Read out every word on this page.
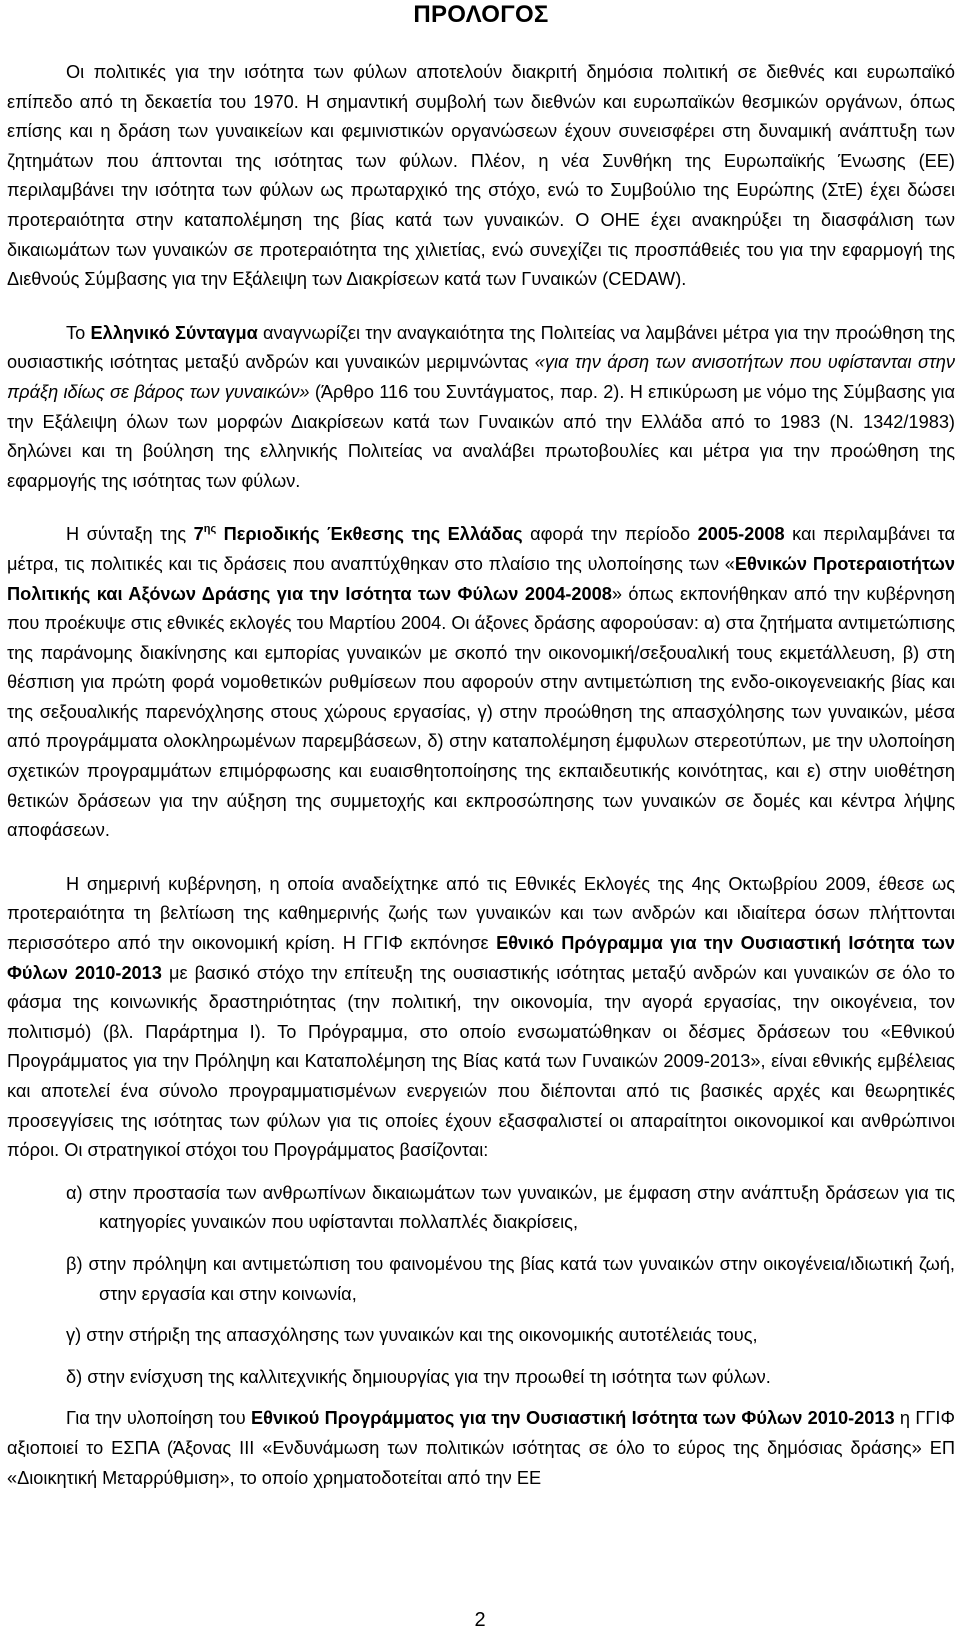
ΠΡΟΛΟΓΟΣ

Οι πολιτικές για την ισότητα των φύλων αποτελούν διακριτή δημόσια πολιτική σε διεθνές και ευρωπαϊκό επίπεδο από τη δεκαετία του 1970. Η σημαντική συμβολή των διεθνών και ευρωπαϊκών θεσμικών οργάνων, όπως επίσης και η δράση των γυναικείων και φεμινιστικών οργανώσεων έχουν συνεισφέρει στη δυναμική ανάπτυξη των ζητημάτων που άπτονται της ισότητας των φύλων. Πλέον, η νέα Συνθήκη της Ευρωπαϊκής Ένωσης (ΕΕ) περιλαμβάνει την ισότητα των φύλων ως πρωταρχικό της στόχο, ενώ το Συμβούλιο της Ευρώπης (ΣτΕ) έχει δώσει προτεραιότητα στην καταπολέμηση της βίας κατά των γυναικών. Ο ΟΗΕ έχει ανακηρύξει τη διασφάλιση των δικαιωμάτων των γυναικών σε προτεραιότητα της χιλιετίας, ενώ συνεχίζει τις προσπάθειές του για την εφαρμογή της Διεθνούς Σύμβασης για την Εξάλειψη των Διακρίσεων κατά των Γυναικών (CEDAW).

Το Ελληνικό Σύνταγμα αναγνωρίζει την αναγκαιότητα της Πολιτείας να λαμβάνει μέτρα για την προώθηση της ουσιαστικής ισότητας μεταξύ ανδρών και γυναικών μεριμνώντας «για την άρση των ανισοτήτων που υφίστανται στην πράξη ιδίως σε βάρος των γυναικών» (Άρθρο 116 του Συντάγματος, παρ. 2). Η επικύρωση με νόμο της Σύμβασης για την Εξάλειψη όλων των μορφών Διακρίσεων κατά των Γυναικών από την Ελλάδα από το 1983 (Ν. 1342/1983) δηλώνει και τη βούληση της ελληνικής Πολιτείας να αναλάβει πρωτοβουλίες και μέτρα για την προώθηση της εφαρμογής της ισότητας των φύλων.

Η σύνταξη της $7^{\eta\varsigma}$ Περιοδικής Έκθεσης της Ελλάδας αφορά την περίοδο 2005-2008 και περιλαμβάνει τα μέτρα, τις πολιτικές και τις δράσεις που αναπτύχθηκαν στο πλαίσιο της υλοποίησης των «Εθνικών Προτεραιοτήτων Πολιτικής και Αξόνων Δράσης για την Ισότητα των Φύλων 2004-2008» όπως εκπονήθηκαν από την κυβέρνηση που προέκυψε στις εθνικές εκλογές του Μαρτίου 2004. Οι άξονες δράσης αφορούσαν: α) στα ζητήματα αντιμετώπισης της παράνομης διακίνησης και εμπορίας γυναικών με σκοπό την οικονομική/σεξουαλική τους εκμετάλλευση, β) στη θέσπιση για πρώτη φορά νομοθετικών ρυθμίσεων που αφορούν στην αντιμετώπιση της ενδο-οικογενειακής βίας και της σεξουαλικής παρενόχλησης στους χώρους εργασίας, γ) στην προώθηση της απασχόλησης των γυναικών, μέσα από προγράμματα ολοκληρωμένων παρεμβάσεων, δ) στην καταπολέμηση έμφυλων στερεοτύπων, με την υλοποίηση σχετικών προγραμμάτων επιμόρφωσης και ευαισθητοποίησης της εκπαιδευτικής κοινότητας, και ε) στην υιοθέτηση θετικών δράσεων για την αύξηση της συμμετοχής και εκπροσώπησης των γυναικών σε δομές και κέντρα λήψης αποφάσεων.

Η σημερινή κυβέρνηση, η οποία αναδείχτηκε από τις Εθνικές Εκλογές της 4ης Οκτωβρίου 2009, έθεσε ως προτεραιότητα τη βελτίωση της καθημερινής ζωής των γυναικών και των ανδρών και ιδιαίτερα όσων πλήττονται περισσότερο από την οικονομική κρίση. Η ΓΓΙΦ εκπόνησε Εθνικό Πρόγραμμα για την Ουσιαστική Ισότητα των Φύλων 2010-2013 με βασικό στόχο την επίτευξη της ουσιαστικής ισότητας μεταξύ ανδρών και γυναικών σε όλο το φάσμα της κοινωνικής δραστηριότητας (την πολιτική, την οικονομία, την αγορά εργασίας, την οικογένεια, τον πολιτισμό) (βλ. Παράρτημα Ι). Το Πρόγραμμα, στο οποίο ενσωματώθηκαν οι δέσμες δράσεων του «Εθνικού Προγράμματος για την Πρόληψη και Καταπολέμηση της Βίας κατά των Γυναικών 2009-2013», είναι εθνικής εμβέλειας και αποτελεί ένα σύνολο προγραμματισμένων ενεργειών που διέπονται από τις βασικές αρχές και θεωρητικές προσεγγίσεις της ισότητας των φύλων για τις οποίες έχουν εξασφαλιστεί οι απαραίτητοι οικονομικοί και ανθρώπινοι πόροι. Οι στρατηγικοί στόχοι του Προγράμματος βασίζονται:

α) στην προστασία των ανθρωπίνων δικαιωμάτων των γυναικών, με έμφαση στην ανάπτυξη δράσεων για τις κατηγορίες γυναικών που υφίστανται πολλαπλές διακρίσεις,
β) στην πρόληψη και αντιμετώπιση του φαινομένου της βίας κατά των γυναικών στην οικογένεια/ιδιωτική ζωή, στην εργασία και στην κοινωνία,
γ) στην στήριξη της απασχόλησης των γυναικών και της οικονομικής αυτοτέλειάς τους,
δ) στην ενίσχυση της καλλιτεχνικής δημιουργίας για την προωθεί τη ισότητα των φύλων.

Για την υλοποίηση του Εθνικού Προγράμματος για την Ουσιαστική Ισότητα των Φύλων 2010-2013 η ΓΓΙΦ αξιοποιεί το ΕΣΠΑ (Άξονας ΙΙΙ «Ενδυνάμωση των πολιτικών ισότητας σε όλο το εύρος της δημόσιας δράσης» ΕΠ «Διοικητική Μεταρρύθμιση», το οποίο χρηματοδοτείται από την ΕΕ

2
